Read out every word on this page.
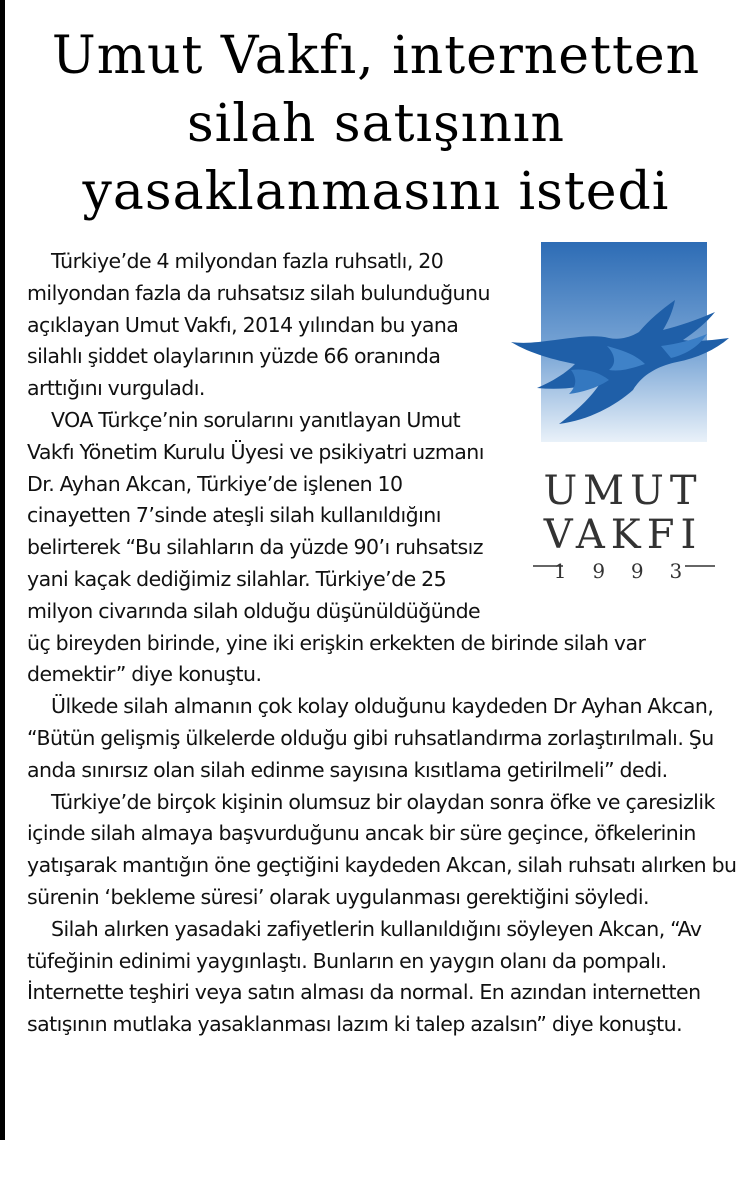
Umut Vakfı, internetten silah satışının yasaklanmasını istedi
UMUT
VAKFI
1 9 9 3

Türkiye’de 4 milyondan fazla ruhsatlı, 20 milyondan fazla da ruhsatsız silah bulunduğunu açıklayan Umut Vakfı, 2014 yılından bu yana silahlı şiddet olaylarının yüzde 66 oranında arttığını vurguladı.

VOA Türkçe’nin sorularını yanıtlayan Umut Vakfı Yönetim Kurulu Üyesi ve psikiyatri uzmanı Dr. Ayhan Akcan, Türkiye’de işlenen 10 cinayetten 7’sinde ateşli silah kullanıldığını belirterek “Bu silahların da yüzde 90’ı ruhsatsız yani kaçak dediğimiz silahlar. Türkiye’de 25 milyon civarında silah olduğu düşünüldüğünde üç bireyden birinde, yine iki erişkin erkekten de birinde silah var demektir” diye konuştu.

Ülkede silah almanın çok kolay olduğunu kaydeden Dr Ayhan Akcan, “Bütün gelişmiş ülkelerde olduğu gibi ruhsatlandırma zorlaştırılmalı. Şu anda sınırsız olan silah edinme sayısına kısıtlama getirilmeli” dedi.

Türkiye’de birçok kişinin olumsuz bir olaydan sonra öfke ve çaresizlik içinde silah almaya başvurduğunu ancak bir süre geçince, öfkelerinin yatışarak mantığın öne geçtiğini kaydeden Akcan, silah ruhsatı alırken bu sürenin ‘bekleme süresi’ olarak uygulanması gerektiğini söyledi.

Silah alırken yasadaki zafiyetlerin kullanıldığını söyleyen Akcan, “Av tüfeğinin edinimi yaygınlaştı. Bunların en yaygın olanı da pompalı. İnternette teşhiri veya satın alması da normal. En azından internetten satışının mutlaka yasaklanması lazım ki talep azalsın” diye konuştu.
